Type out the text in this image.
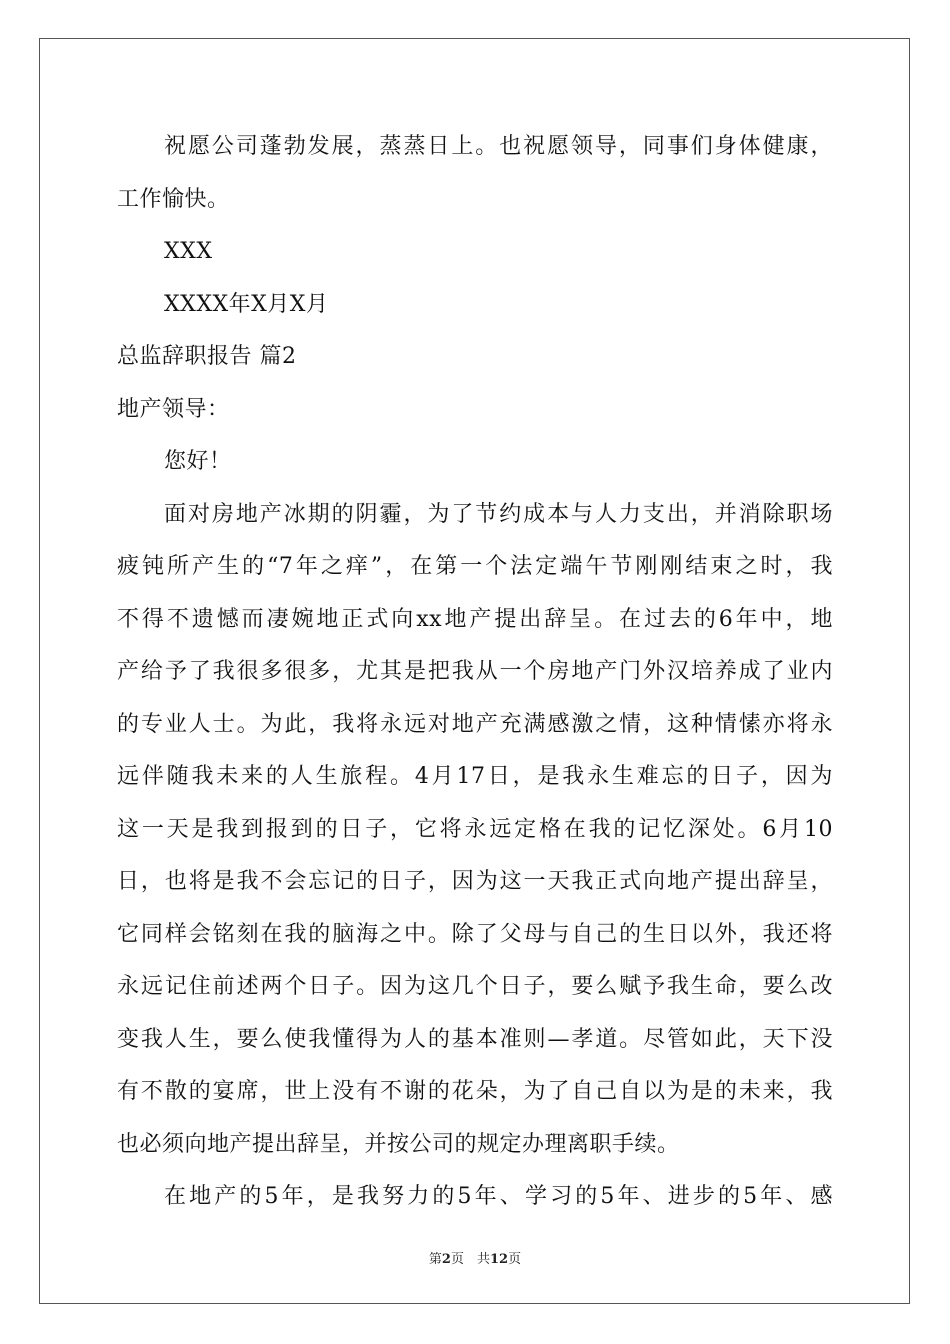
祝愿公司蓬勃发展，蒸蒸日上。也祝愿领导，同事们身体健康，
工作愉快。
XXX
XXXX年X月X月
总监辞职报告 篇2
地产领导：
您好！
面对房地产冰期的阴霾，为了节约成本与人力支出，并消除职场
疲钝所产生的“7年之痒”，在第一个法定端午节刚刚结束之时，我
不得不遗憾而凄婉地正式向xx地产提出辞呈。在过去的6年中，地
产给予了我很多很多，尤其是把我从一个房地产门外汉培养成了业内
的专业人士。为此，我将永远对地产充满感激之情，这种情愫亦将永
远伴随我未来的人生旅程。4月17日，是我永生难忘的日子，因为
这一天是我到报到的日子，它将永远定格在我的记忆深处。6月10
日，也将是我不会忘记的日子，因为这一天我正式向地产提出辞呈，
它同样会铭刻在我的脑海之中。除了父母与自己的生日以外，我还将
永远记住前述两个日子。因为这几个日子，要么赋予我生命，要么改
变我人生，要么使我懂得为人的基本准则—孝道。尽管如此，天下没
有不散的宴席，世上没有不谢的花朵，为了自己自以为是的未来，我
也必须向地产提出辞呈，并按公司的规定办理离职手续。
在地产的5年，是我努力的5年、学习的5年、进步的5年、感
第2页　共12页
